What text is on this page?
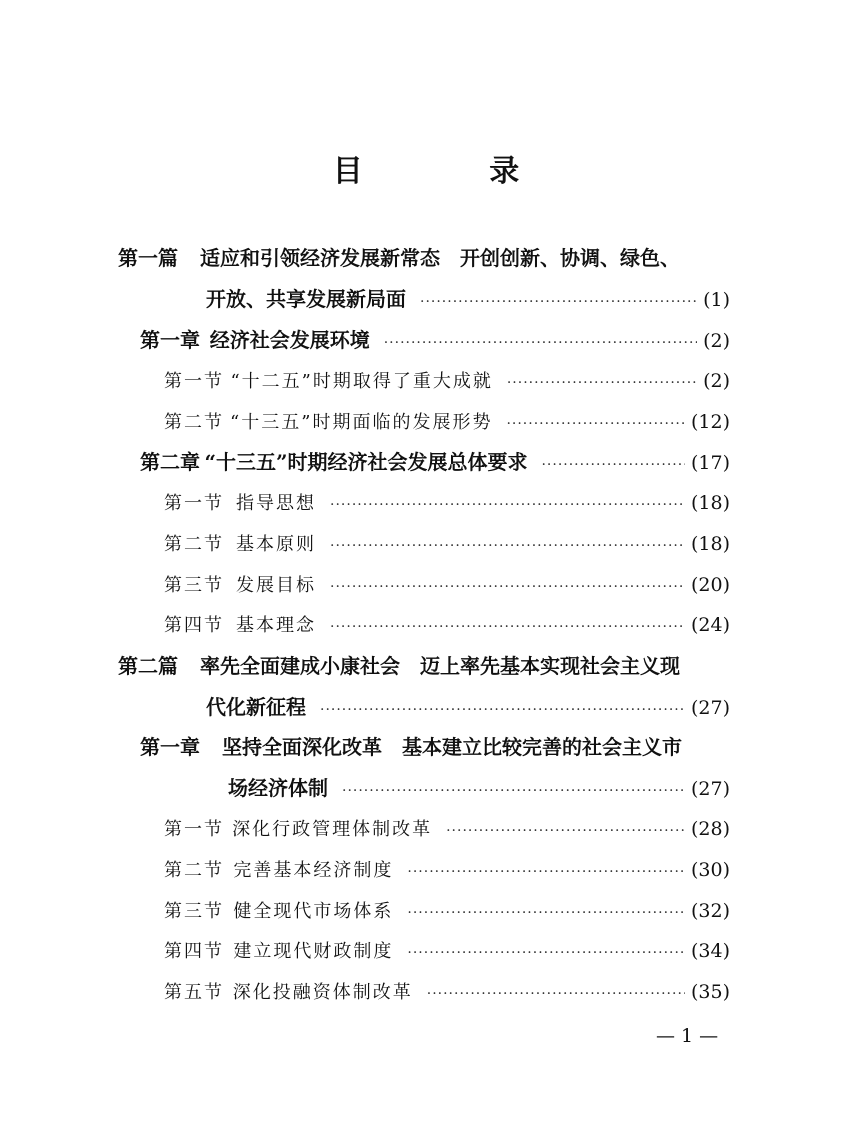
目 录
第一篇 适应和引领经济发展新常态　开创创新、协调、绿色、
开放、共享发展新局面 ·····	(1)
第一章 经济社会发展环境 ·····	(2)
第一节 “十二五”时期取得了重大成就 ·····	(2)
第二节 “十三五”时期面临的发展形势 ·····	(12)
第二章 “十三五”时期经济社会发展总体要求 ·····	(17)
第一节 指导思想 ·····	(18)
第二节 基本原则 ·····	(18)
第三节 发展目标 ·····	(20)
第四节 基本理念 ·····	(24)
第二篇 率先全面建成小康社会　迈上率先基本实现社会主义现
代化新征程 ·····	(27)
第一章 坚持全面深化改革　基本建立比较完善的社会主义市
场经济体制 ·····	(27)
第一节 深化行政管理体制改革 ·····	(28)
第二节 完善基本经济制度 ·····	(30)
第三节 健全现代市场体系 ·····	(32)
第四节 建立现代财政制度 ·····	(34)
第五节 深化投融资体制改革 ·····	(35)
— 1 —
